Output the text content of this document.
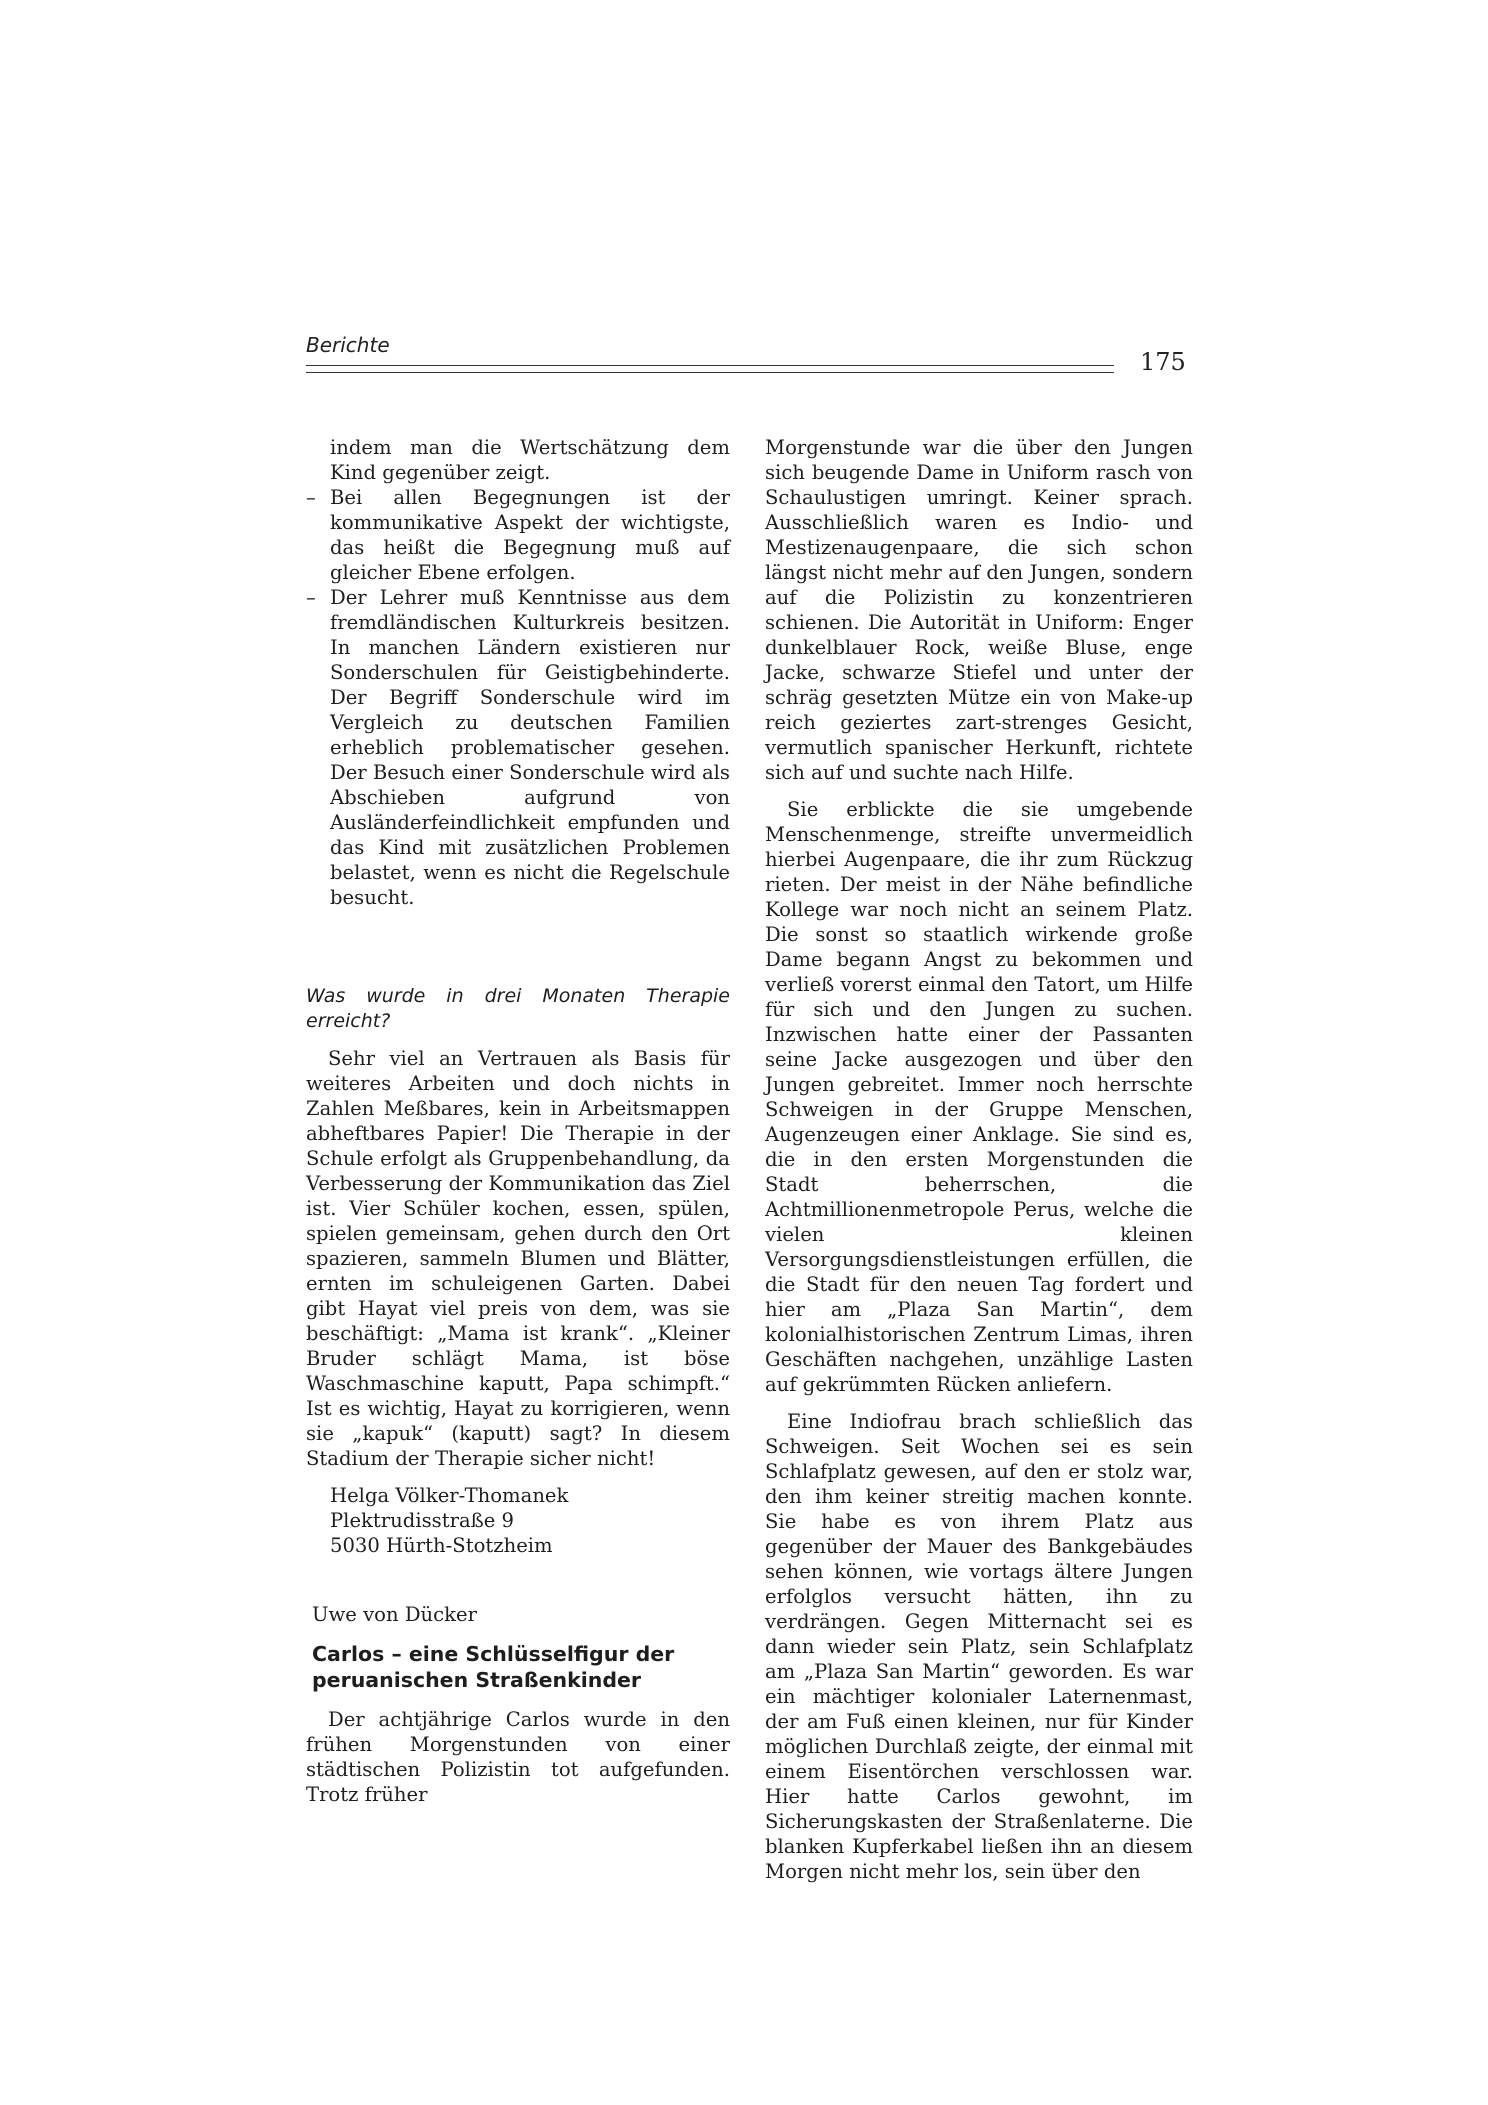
Berichte
175

indem man die Wertschätzung dem Kind gegenüber zeigt.

– Bei allen Begegnungen ist der kommunikative Aspekt der wichtigste, das heißt die Begegnung muß auf gleicher Ebene erfolgen.
– Der Lehrer muß Kenntnisse aus dem fremdländischen Kulturkreis besitzen. In manchen Ländern existieren nur Sonderschulen für Geistigbehinderte. Der Begriff Sonderschule wird im Vergleich zu deutschen Familien erheblich problematischer gesehen. Der Besuch einer Sonderschule wird als Abschieben aufgrund von Ausländerfeindlichkeit empfunden und das Kind mit zusätzlichen Problemen belastet, wenn es nicht die Regelschule besucht.

Was wurde in drei Monaten Therapie erreicht?

Sehr viel an Vertrauen als Basis für weiteres Arbeiten und doch nichts in Zahlen Meßbares, kein in Arbeitsmappen abheftbares Papier! Die Therapie in der Schule erfolgt als Gruppenbehandlung, da Verbesserung der Kommunikation das Ziel ist. Vier Schüler kochen, essen, spülen, spielen gemeinsam, gehen durch den Ort spazieren, sammeln Blumen und Blätter, ernten im schuleigenen Garten. Dabei gibt Hayat viel preis von dem, was sie beschäftigt: „Mama ist krank“. „Kleiner Bruder schlägt Mama, ist böse Waschmaschine kaputt, Papa schimpft.“ Ist es wichtig, Hayat zu korrigieren, wenn sie „kapuk“ (kaputt) sagt? In diesem Stadium der Therapie sicher nicht!

Helga Völker-Thomanek
Plektrudisstraße 9
5030 Hürth-Stotzheim
Uwe von Dücker
Carlos – eine Schlüsselfigur der peruanischen Straßenkinder

Der achtjährige Carlos wurde in den frühen Morgenstunden von einer städtischen Polizistin tot aufgefunden. Trotz früher

Morgenstunde war die über den Jungen sich beugende Dame in Uniform rasch von Schaulustigen umringt. Keiner sprach. Ausschließlich waren es Indio- und Mestizenaugenpaare, die sich schon längst nicht mehr auf den Jungen, sondern auf die Polizistin zu konzentrieren schienen. Die Autorität in Uniform: Enger dunkelblauer Rock, weiße Bluse, enge Jacke, schwarze Stiefel und unter der schräg gesetzten Mütze ein von Make-up reich geziertes zart-strenges Gesicht, vermutlich spanischer Herkunft, richtete sich auf und suchte nach Hilfe.

Sie erblickte die sie umgebende Menschenmenge, streifte unvermeidlich hierbei Augenpaare, die ihr zum Rückzug rieten. Der meist in der Nähe befindliche Kollege war noch nicht an seinem Platz. Die sonst so staatlich wirkende große Dame begann Angst zu bekommen und verließ vorerst einmal den Tatort, um Hilfe für sich und den Jungen zu suchen. Inzwischen hatte einer der Passanten seine Jacke ausgezogen und über den Jungen gebreitet. Immer noch herrschte Schweigen in der Gruppe Menschen, Augenzeugen einer Anklage. Sie sind es, die in den ersten Morgenstunden die Stadt beherrschen, die Achtmillionenmetropole Perus, welche die vielen kleinen Versorgungsdienstleistungen erfüllen, die die Stadt für den neuen Tag fordert und hier am „Plaza San Martin“, dem kolonialhistorischen Zentrum Limas, ihren Geschäften nachgehen, unzählige Lasten auf gekrümmten Rücken anliefern.

Eine Indiofrau brach schließlich das Schweigen. Seit Wochen sei es sein Schlafplatz gewesen, auf den er stolz war, den ihm keiner streitig machen konnte. Sie habe es von ihrem Platz aus gegenüber der Mauer des Bankgebäudes sehen können, wie vortags ältere Jungen erfolglos versucht hätten, ihn zu verdrängen. Gegen Mitternacht sei es dann wieder sein Platz, sein Schlafplatz am „Plaza San Martin“ geworden. Es war ein mächtiger kolonialer Laternenmast, der am Fuß einen kleinen, nur für Kinder möglichen Durchlaß zeigte, der einmal mit einem Eisentörchen verschlossen war. Hier hatte Carlos gewohnt, im Sicherungskasten der Straßenlaterne. Die blanken Kupferkabel ließen ihn an diesem Morgen nicht mehr los, sein über den
